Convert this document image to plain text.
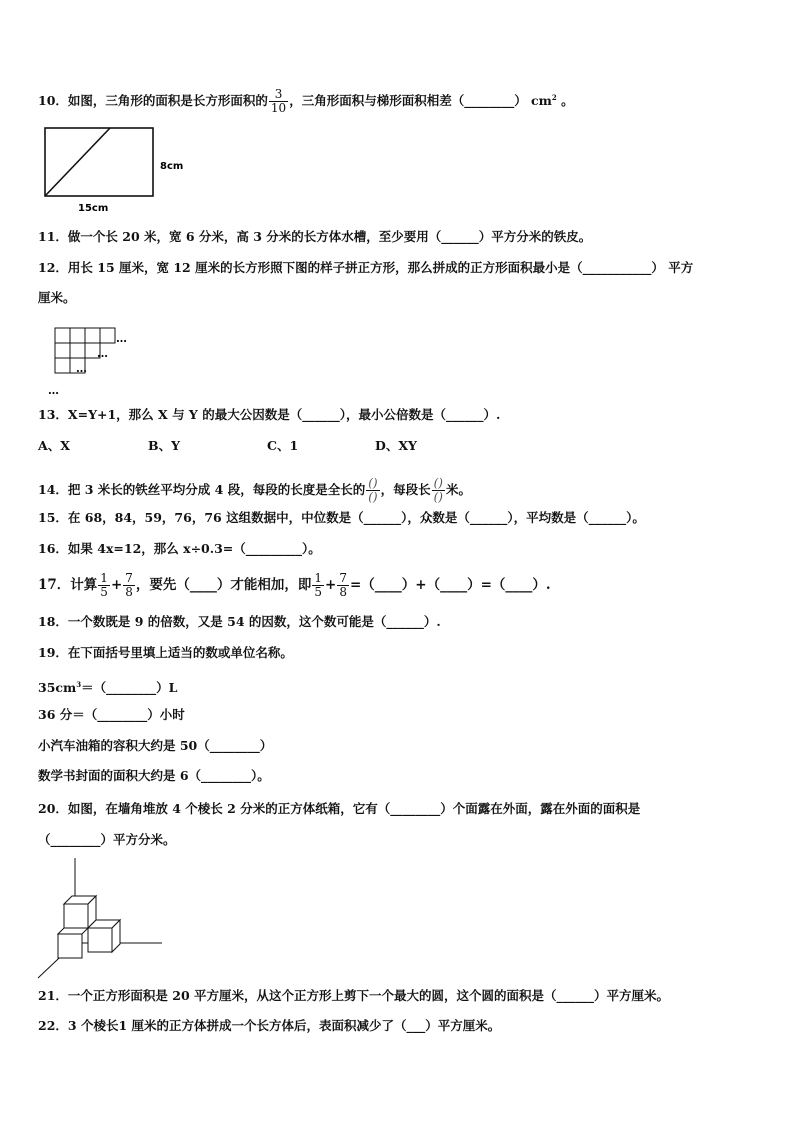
10．如图，三角形的面积是长方形面积的 $\frac{3}{10}$ ，三角形面积与梯形面积相差（________） $cm^2$ 。
8cm
15cm
11．做一个长 20 米，宽 6 分米，高 3 分米的长方体水槽，至少要用（______）平方分米的铁皮。
12．用长 15 厘米，宽 12 厘米的长方形照下图的样子拼正方形，那么拼成的正方形面积最小是（___________） 平方
厘米。
…
…
…
…
13．X=Y+1，那么 X 与 Y 的最大公因数是（______），最小公倍数是（______）.
A、X	B、Y	C、1	D、XY
14．把 3 米长的铁丝平均分成 4 段，每段的长度是全长的 $\frac{()}{()}$ ，每段长 $\frac{()}{()}$ 米。
15．在 68，84，59，76，76 这组数据中，中位数是（______），众数是（______），平均数是（______）。
16．如果 4x=12，那么 x÷0.3=（_________）。
17．计算 $\frac{1}{5} + \frac{7}{8}$ ，要先（____）才能相加，即 $\frac{1}{5} + \frac{7}{8}$ =（____）+（____）=（____）.
18．一个数既是 9 的倍数，又是 54 的因数，这个数可能是（______）.
19．在下面括号里填上适当的数或单位名称。
$35cm^3=(\_\_\_\_\_\_\_\_)L$
36 分＝（________）小时
小汽车油箱的容积大约是 50（________）
数学书封面的面积大约是 6（________）。
20．如图，在墙角堆放 4 个棱长 2 分米的正方体纸箱，它有（________）个面露在外面，露在外面的面积是
（________）平方分米。
21．一个正方形面积是 20 平方厘米，从这个正方形上剪下一个最大的圆，这个圆的面积是（______）平方厘米。
22．3 个棱长1 厘米的正方体拼成一个长方体后，表面积减少了（___）平方厘米。
